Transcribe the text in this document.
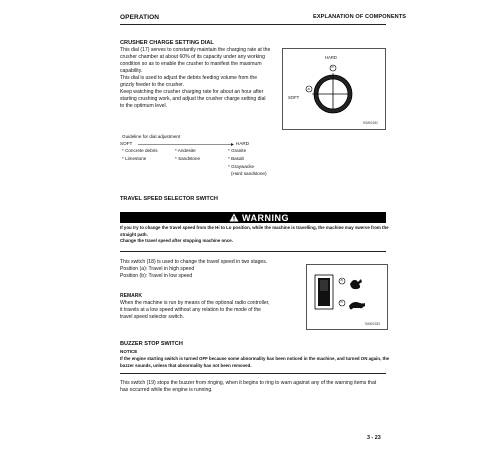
OPERATION	EXPLANATION OF COMPONENTS
CRUSHER CHARGE SETTING DIAL
This dial (17) serves to constantly maintain the charging rate at the
crusher chamber at about 60% of its capacity under any working
condition so as to enable the crusher to manifest the maximum
capability.
This dial is used to adjust the debris feeding volume from the
grizzly feeder to the crusher.
Keep watching the crusher charging rate for about an hour after
starting crushing work, and adjust the crusher charge setting dial
to the optimum level.
HARD
b
SOFT
a
9JM02182
Guideline for dial adjustment
SOFT	HARD
* Concrete debris
* Limestone
* Andesite
* Sandstone
* Granite
* Basalt
* Graywacke
(Hard sandstone)
TRAVEL SPEED SELECTOR SWITCH
WARNING
If you try to change the travel speed from the Hi to Lo position, while the machine is travelling, the machine may swerve from the
straight path.
Change the travel speed after stopping machine once.
This switch (18) is used to change the travel speed in two stages.
Position (a): Travel in high speed
Position (b): Travel in low speed
REMARK
When the machine is run by means of the optional radio controller,
it travels at a low speed without any relation to the mode of the
travel speed selector switch.
a
b
9JM02183
BUZZER STOP SWITCH
NOTICE
If the engine starting switch is turned OFF because some abnormality has been noticed in the machine, and turned ON again, the
buzzer sounds, unless that abnormality has not been removed.
This switch (19) stops the buzzer from ringing, when it begins to ring to warn against any of the warning items that
has occurred while the engine is running.
3 - 23
